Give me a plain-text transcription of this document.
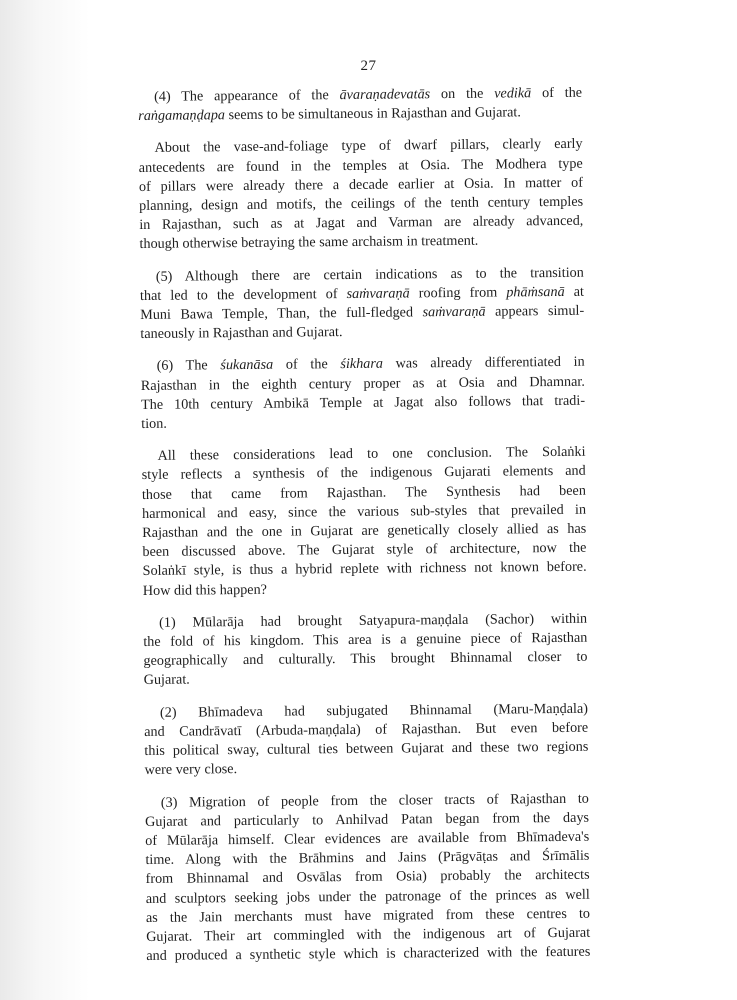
27

(4) The appearance of the āvaraṇadevatās on the vedikā of the
raṅgamaṇḍapa seems to be simultaneous in Rajasthan and Gujarat.

About the vase-and-foliage type of dwarf pillars, clearly early
antecedents are found in the temples at Osia. The Modhera type
of pillars were already there a decade earlier at Osia. In matter of
planning, design and motifs, the ceilings of the tenth century temples
in Rajasthan, such as at Jagat and Varman are already advanced,
though otherwise betraying the same archaism in treatment.

(5) Although there are certain indications as to the transition
that led to the development of saṁvaraṇā roofing from phāṁsanā at
Muni Bawa Temple, Than, the full-fledged saṁvaraṇā appears simul-
taneously in Rajasthan and Gujarat.

(6) The śukanāsa of the śikhara was already differentiated in
Rajasthan in the eighth century proper as at Osia and Dhamnar.
The 10th century Ambikā Temple at Jagat also follows that tradi-
tion.

All these considerations lead to one conclusion. The Solaṅki
style reflects a synthesis of the indigenous Gujarati elements and
those that came from Rajasthan. The Synthesis had been
harmonical and easy, since the various sub-styles that prevailed in
Rajasthan and the one in Gujarat are genetically closely allied as has
been discussed above. The Gujarat style of architecture, now the
Solaṅkī style, is thus a hybrid replete with richness not known before.
How did this happen?

(1) Mūlarāja had brought Satyapura-maṇḍala (Sachor) within
the fold of his kingdom. This area is a genuine piece of Rajasthan
geographically and culturally. This brought Bhinnamal closer to
Gujarat.

(2) Bhīmadeva had subjugated Bhinnamal (Maru-Maṇḍala)
and Candrāvatī (Arbuda-maṇḍala) of Rajasthan. But even before
this political sway, cultural ties between Gujarat and these two regions
were very close.

(3) Migration of people from the closer tracts of Rajasthan to
Gujarat and particularly to Anhilvad Patan began from the days
of Mūlarāja himself. Clear evidences are available from Bhīmadeva's
time. Along with the Brāhmins and Jains (Prāgvāṭas and Śrīmālis
from Bhinnamal and Osvālas from Osia) probably the architects
and sculptors seeking jobs under the patronage of the princes as well
as the Jain merchants must have migrated from these centres to
Gujarat. Their art commingled with the indigenous art of Gujarat
and produced a synthetic style which is characterized with the features
